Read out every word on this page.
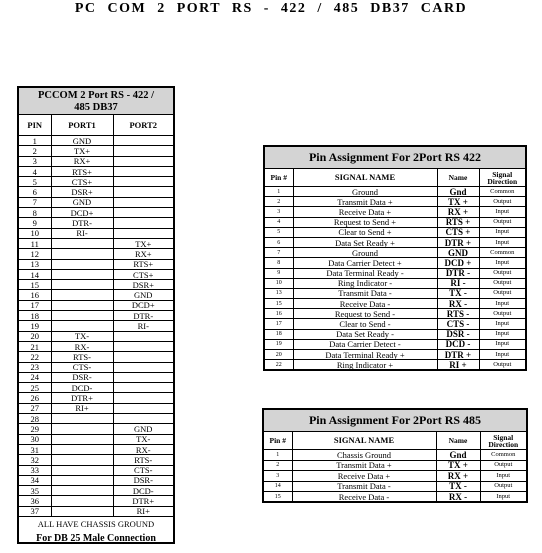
PC COM 2 PORT RS - 422 / 485 DB37 CARD
PCCOM 2 Port RS - 422 /
485 DB37
PIN	PORT1	PORT2
1	GND	
2	TX+	
3	RX+	
4	RTS+	
5	CTS+	
6	DSR+	
7	GND	
8	DCD+	
9	DTR-	
10	RI-	
11		TX+
12		RX+
13		RTS+
14		CTS+
15		DSR+
16		GND
17		DCD+
18		DTR-
19		RI-
20	TX-	
21	RX-	
22	RTS-	
23	CTS-	
24	DSR-	
25	DCD-	
26	DTR+	
27	RI+	
28		
29		GND
30		TX-
31		RX-
32		RTS-
33		CTS-
34		DSR-
35		DCD-
36		DTR+
37		RI+
ALL HAVE CHASSIS GROUND
For DB 25 Male Connection
Pin Assignment For 2Port RS 422
Pin #	SIGNAL NAME	Name	Signal Direction
1	Ground	Gnd	Common
2	Transmit Data +	TX +	Output
3	Receive Data +	RX +	Input
4	Request to Send +	RTS +	Output
5	Clear to Send +	CTS +	Input
6	Data Set Ready +	DTR +	Input
7	Ground	GND	Common
8	Data Carrier Detect +	DCD +	Input
9	Data Terminal Ready -	DTR -	Output
10	Ring Indicator -	RI -	Output
13	Transmit Data -	TX -	Output
15	Receive Data -	RX -	Input
16	Request to Send -	RTS -	Output
17	Clear to Send -	CTS -	Input
18	Data Set Ready -	DSR -	Input
19	Data Carrier Detect -	DCD -	Input
20	Data Terminal Ready +	DTR +	Input
22	Ring Indicator +	RI +	Output
Pin Assignment For 2Port RS 485
Pin #	SIGNAL NAME	Name	Signal Direction
1	Chassis Ground	Gnd	Common
2	Transmit Data +	TX +	Output
3	Receive Data +	RX +	Input
14	Transmit Data -	TX -	Output
15	Receive Data -	RX -	Input
